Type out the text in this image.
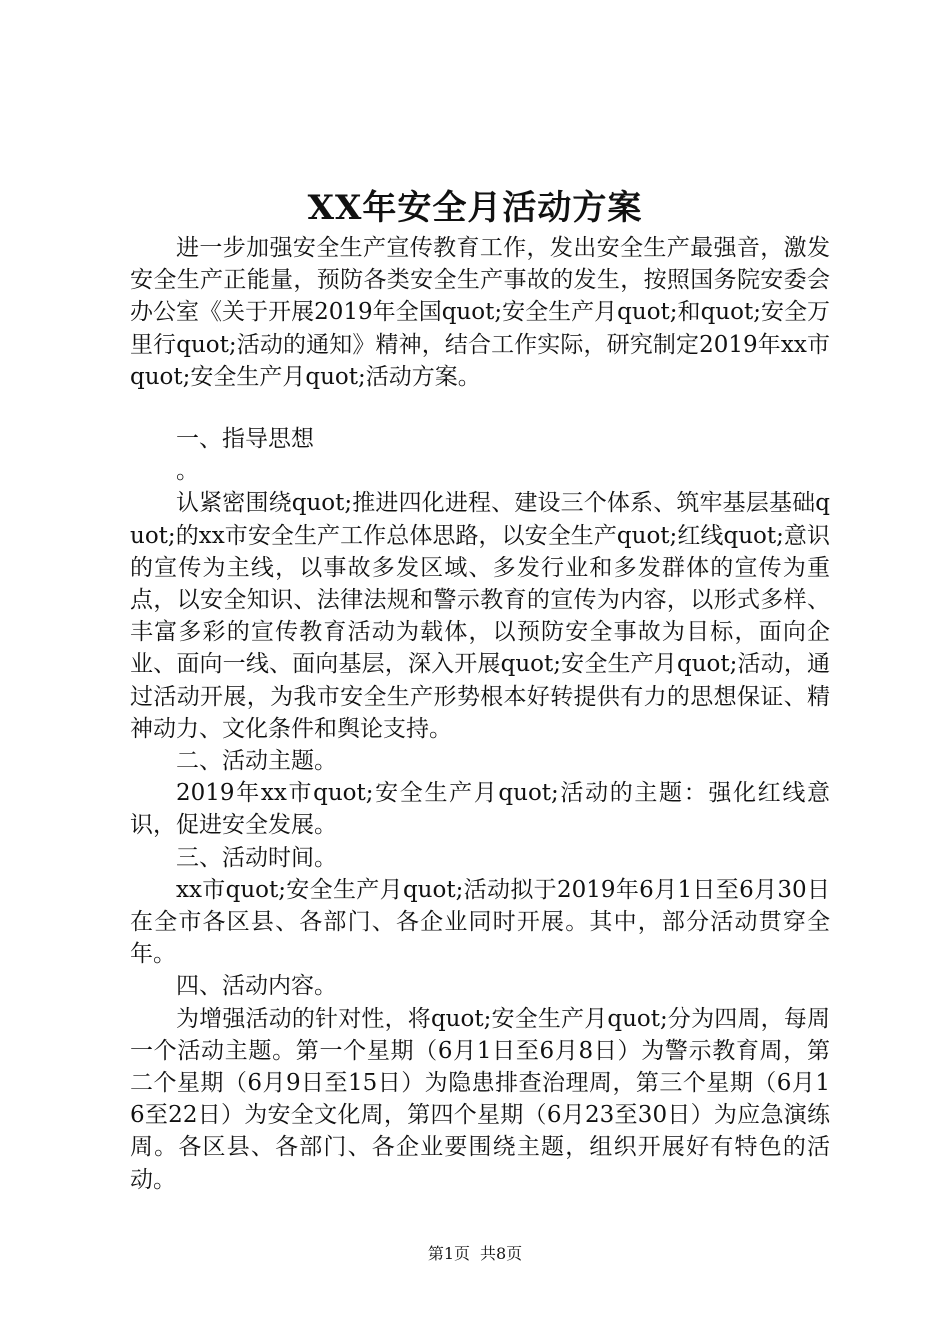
XX年安全月活动方案

进一步加强安全生产宣传教育工作，发出安全生产最强音，激发安全生产正能量，预防各类安全生产事故的发生，按照国务院安委会办公室《关于开展2019年全国quot;安全生产月quot;和quot;安全万里行quot;活动的通知》精神，结合工作实际，研究制定2019年xx市quot;安全生产月quot;活动方案。

一、指导思想

。

认紧密围绕quot;推进四化进程、建设三个体系、筑牢基层基础quot;的xx市安全生产工作总体思路，以安全生产quot;红线quot;意识的宣传为主线，以事故多发区域、多发行业和多发群体的宣传为重点，以安全知识、法律法规和警示教育的宣传为内容，以形式多样、丰富多彩的宣传教育活动为载体，以预防安全事故为目标，面向企业、面向一线、面向基层，深入开展quot;安全生产月quot;活动，通过活动开展，为我市安全生产形势根本好转提供有力的思想保证、精神动力、文化条件和舆论支持。

二、活动主题。

2019年xx市quot;安全生产月quot;活动的主题：强化红线意识，促进安全发展。

三、活动时间。

xx市quot;安全生产月quot;活动拟于2019年6月1日至6月30日在全市各区县、各部门、各企业同时开展。其中，部分活动贯穿全年。

四、活动内容。

为增强活动的针对性，将quot;安全生产月quot;分为四周，每周一个活动主题。第一个星期（6月1日至6月8日）为警示教育周，第二个星期（6月9日至15日）为隐患排查治理周，第三个星期（6月16至22日）为安全文化周，第四个星期（6月23至30日）为应急演练周。各区县、各部门、各企业要围绕主题，组织开展好有特色的活动。

第1页 共8页
